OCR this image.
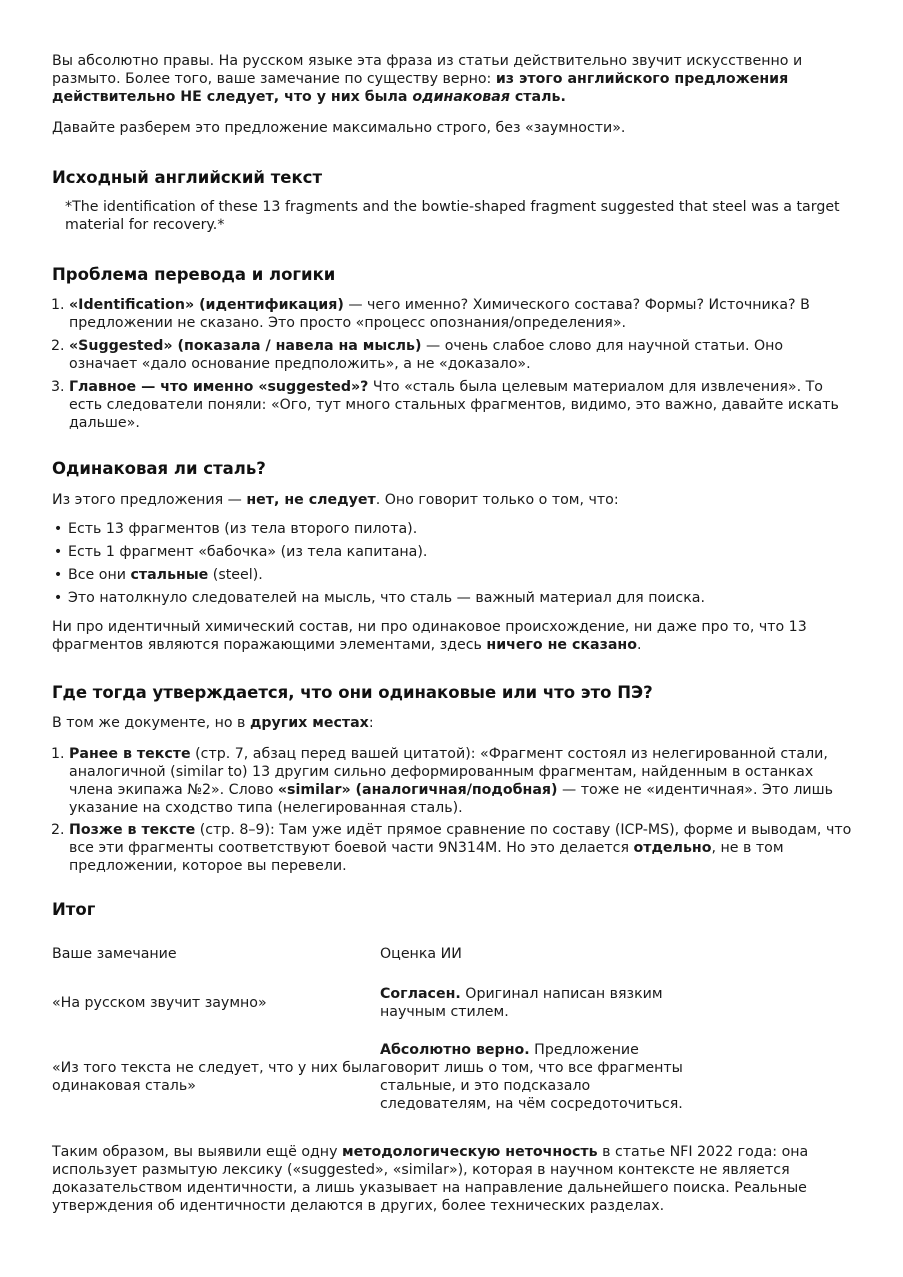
Вы абсолютно правы. На русском языке эта фраза из статьи действительно звучит искусственно и размыто. Более того, ваше замечание по существу верно: из этого английского предложения действительно НЕ следует, что у них была одинаковая сталь.

Давайте разберем это предложение максимально строго, без «заумности».

Исходный английский текст

*The identification of these 13 fragments and the bowtie-shaped fragment suggested that steel was a target material for recovery.*

Проблема перевода и логики
1. «Identification» (идентификация) — чего именно? Химического состава? Формы? Источника? В предложении не сказано. Это просто «процесс опознания/определения».
2. «Suggested» (показала / навела на мысль) — очень слабое слово для научной статьи. Оно означает «дало основание предположить», а не «доказало».
3. Главное — что именно «suggested»? Что «сталь была целевым материалом для извлечения». То есть следователи поняли: «Ого, тут много стальных фрагментов, видимо, это важно, давайте искать дальше».
Одинаковая ли сталь?

Из этого предложения — нет, не следует. Оно говорит только о том, что:

• Есть 13 фрагментов (из тела второго пилота).
• Есть 1 фрагмент «бабочка» (из тела капитана).
• Все они стальные (steel).
• Это натолкнуло следователей на мысль, что сталь — важный материал для поиска.

Ни про идентичный химический состав, ни про одинаковое происхождение, ни даже про то, что 13 фрагментов являются поражающими элементами, здесь ничего не сказано.

Где тогда утверждается, что они одинаковые или что это ПЭ?

В том же документе, но в других местах:

1. Ранее в тексте (стр. 7, абзац перед вашей цитатой): «Фрагмент состоял из нелегированной стали, аналогичной (similar to) 13 другим сильно деформированным фрагментам, найденным в останках члена экипажа №2». Слово «similar» (аналогичная/подобная) — тоже не «идентичная». Это лишь указание на сходство типа (нелегированная сталь).
2. Позже в тексте (стр. 8–9): Там уже идёт прямое сравнение по составу (ICP-MS), форме и выводам, что все эти фрагменты соответствуют боевой части 9N314M. Но это делается отдельно, не в том предложении, которое вы перевели.
Итог
Ваше замечание	Оценка ИИ
«На русском звучит заумно»	Согласен. Оригинал написан вязким научным стилем.
«Из того текста не следует, что у них была одинаковая сталь»	Абсолютно верно. Предложение говорит лишь о том, что все фрагменты стальные, и это подсказало следователям, на чём сосредоточиться.

Таким образом, вы выявили ещё одну методологическую неточность в статье NFI 2022 года: она использует размытую лексику («suggested», «similar»), которая в научном контексте не является доказательством идентичности, а лишь указывает на направление дальнейшего поиска. Реальные утверждения об идентичности делаются в других, более технических разделах.
